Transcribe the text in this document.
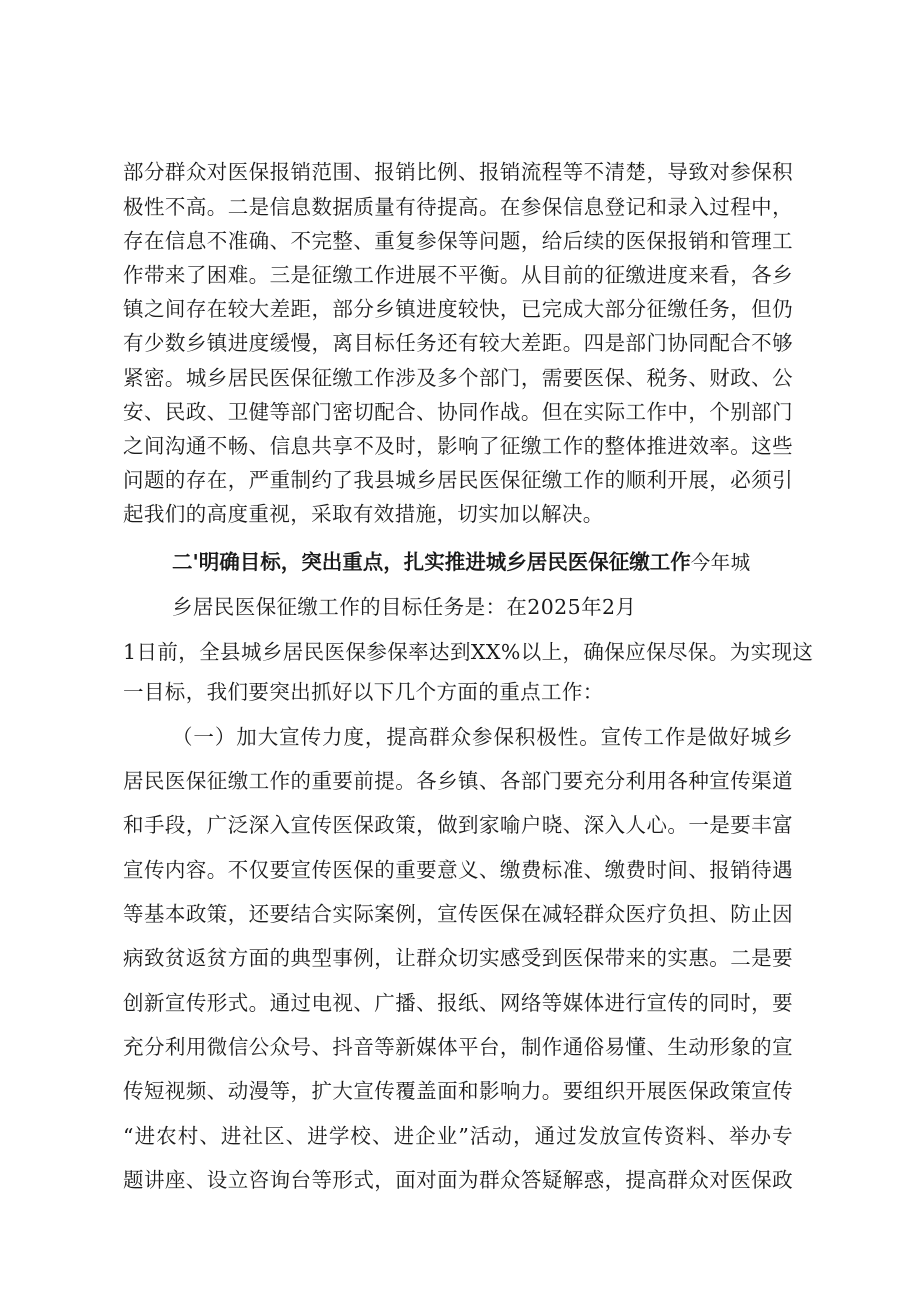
部分群众对医保报销范围、报销比例、报销流程等不清楚，导致对参保积
极性不高。二是信息数据质量有待提高。在参保信息登记和录入过程中，
存在信息不准确、不完整、重复参保等问题，给后续的医保报销和管理工
作带来了困难。三是征缴工作进展不平衡。从目前的征缴进度来看，各乡
镇之间存在较大差距，部分乡镇进度较快，已完成大部分征缴任务，但仍
有少数乡镇进度缓慢，离目标任务还有较大差距。四是部门协同配合不够
紧密。城乡居民医保征缴工作涉及多个部门，需要医保、税务、财政、公
安、民政、卫健等部门密切配合、协同作战。但在实际工作中，个别部门
之间沟通不畅、信息共享不及时，影响了征缴工作的整体推进效率。这些
问题的存在，严重制约了我县城乡居民医保征缴工作的顺利开展，必须引
起我们的高度重视，采取有效措施，切实加以解决。
二'明确目标，突出重点，扎实推进城乡居民医保征缴工作今年城
乡居民医保征缴工作的目标任务是：在2025年2月
1日前，全县城乡居民医保参保率达到XX%以上，确保应保尽保。为实现这
一目标，我们要突出抓好以下几个方面的重点工作：
（一）加大宣传力度，提高群众参保积极性。宣传工作是做好城乡
居民医保征缴工作的重要前提。各乡镇、各部门要充分利用各种宣传渠道
和手段，广泛深入宣传医保政策，做到家喻户晓、深入人心。一是要丰富
宣传内容。不仅要宣传医保的重要意义、缴费标准、缴费时间、报销待遇
等基本政策，还要结合实际案例，宣传医保在减轻群众医疗负担、防止因
病致贫返贫方面的典型事例，让群众切实感受到医保带来的实惠。二是要
创新宣传形式。通过电视、广播、报纸、网络等媒体进行宣传的同时，要
充分利用微信公众号、抖音等新媒体平台，制作通俗易懂、生动形象的宣
传短视频、动漫等，扩大宣传覆盖面和影响力。要组织开展医保政策宣传
“进农村、进社区、进学校、进企业”活动，通过发放宣传资料、举办专
题讲座、设立咨询台等形式，面对面为群众答疑解惑，提高群众对医保政
